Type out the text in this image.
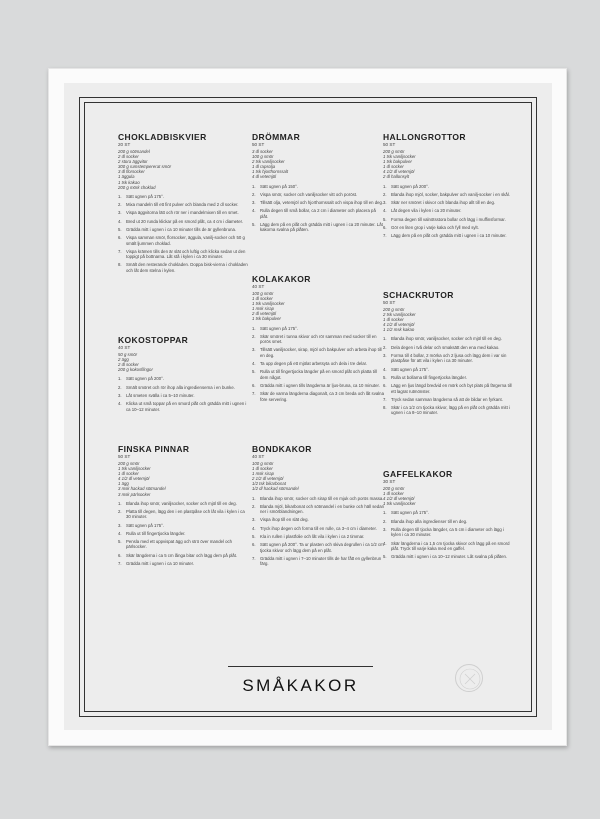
CHOKLADBISKVIER
20 ST
200 g sötmandel
2 dl socker
2 stora äggvitor
300 g rumstempererat smör
3 dl florsocker
1 äggula
1 tsk kakao
200 g mörk choklad
1. Sätt ugnen på 175°.
2. Mixa mandeln till ett fint pulver och blanda med 2 dl socker.
3. Vispa äggvitorna lätt och rör ner i mandelmixen till en smet.
4. Bred ut 20 runda klickar på en smord plåt, ca 4 cm i diameter.
5. Grädda mitt i ugnen i ca 10 minuter tills de är gyllenbruna.
6. Vispa samman smör, florsocker, äggula, vanilj-socker och 50 g smält ljummen choklad.
7. Vispa krämen tills den är slät och luftig och klicka sedan ut den toppigt på bottnarna. Låt stå i kylen i ca 30 minuter.
8. Smält den resterande chokladen. Doppa bisk-vierna i chokladen och låt dem stelna i kylen.
KOKOSTOPPAR
40 ST
50 g smör
2 ägg
2 dl socker
200 g kokosflingor
1. Sätt ugnen på 200°.
2. Smält smöret och rör ihop alla ingredienserna i en bunke.
3. Låt smeten svälla i ca 5–10 minuter.
4. Klicka ut små toppar på en smord plåt och grädda mitt i ugnen i ca 10–12 minuter.
FINSKA PINNAR
50 ST
200 g smör
1 tsk vaniljsocker
1 dl socker
4 1/2 dl vetemjöl
1 ägg
3 msk hackad sötmandel
3 msk pärlsocker
1. Blanda ihop smör, vaniljsocker, socker och mjöl till en deg.
2. Platta till degen, lägg den i en plastpåse och låt vila i kylen i ca 30 minuter.
3. Sätt ugnen på 175°.
4. Rulla ut till fingertjocka längder.
5. Pensla med ett uppvispat ägg och strö över mandel och pärlsocker.
6. Skär längderna i ca 5 cm långa bitar och lägg dem på plåt.
7. Grädda mitt i ugnen i ca 10 minuter.
DRÖMMAR
50 ST
3 dl socker
100 g smör
2 tsk vaniljsocker
1 dl rapsolja
1 tsk hjorthornssalt
4 dl vetemjöl
1. Sätt ugnen på 150°.
2. Vispa smör, socker och vaniljsocker vitt och poröst.
3. Tillsätt olja, vetemjöl och hjorthornssalt och vispa ihop till en deg.
4. Rulla degen till små bollar, ca 2 cm i diameter och placera på plåt.
5. Lägg dem på en plåt och grädda mitt i ugnen i ca 20 minuter. Låt kakorna svalna på plåten.
KOLAKAKOR
40 ST
100 g smör
1 dl socker
1 tsk vaniljsocker
1 msk sirap
2 dl vetemjöl
1 tsk bakpulver
1. Sätt ugnen på 175°.
2. Skär smöret i tunna skivor och rör samman med socker till en porös smet.
3. Tillsätt vaniljsocker, sirap, mjöl och bakpulver och arbeta ihop till en deg.
4. Ta upp degen på ett mjölat arbetsyta och dela i tre delar.
5. Rulla ut till fingertjocka längder på en smord plåt och platta till dem något.
6. Grädda mitt i ugnen tills längderna är ljus-bruna, ca 10 minuter.
7. Skär de varma längderna diagonalt, ca 3 cm breda och låt svalna före servering.
BONDKAKOR
40 ST
100 g smör
1 dl socker
1 msk sirap
2 1/2 dl vetemjöl
1/2 tsk bikarbonat
1/2 dl hackad sötmandel
1. Blanda ihop smör, socker och sirap till en mjuk och porös massa.
2. Blanda mjöl, bikarbonat och sötmandel i en bunke och häll sedan ner i smörblandningen.
3. Vispa ihop till en slät deg.
4. Tryck ihop degen och forma till en rulle, ca 3–4 cm i diameter.
5. Kla in rullen i plastfolie och låt vila i kylen i ca 2 timmar.
6. Sätt ugnen på 200°. Ta ur plasten och skiva degrullen i ca 1/2 cm tjocka skivor och lägg dem på en plåt.
7. Grädda mitt i ugnen i 7–10 minuter tills de har fått en gyllenbrun färg.
HALLONGROTTOR
50 ST
200 g smör
1 tsk vaniljsocker
1 tsk bakpulver
1 dl socker
4 1/2 dl vetemjöl
2 dl hallonsylt
1. Sätt ugnen på 200°.
2. Blanda ihop mjöl, socker, bakpulver och vanilj-socker i en skål.
3. Skär ner smöret i skivor och blanda ihop allt till en deg.
4. Låt degen vila i kylen i ca 20 minuter.
5. Forma degen till valnötsstora bollar och lägg i muffinsformar.
6. Gör en liten grop i varje kaka och fyll med sylt.
7. Lägg dem på en plåt och grädda mitt i ugnen i ca 10 minuter.
SCHACKRUTOR
50 ST
200 g smör
2 tsk vaniljsocker
1 dl socker
4 1/2 dl vetemjöl
1 1/2 msk kakao
1. Blanda ihop smör, vaniljsocker, socker och mjöl till en deg.
2. Dela degen i två delar och smaksätt den ena med kakao.
3. Forma till 4 bollar, 2 mörka och 2 ljusa och lägg dem i var sin plastpåse för att vila i kylen i ca 30 minuter.
4. Sätt ugnen på 175°.
5. Rulla ut bollarna till fingertjocka längder.
6. Lägg en ljus längd bredvid en mörk och byt plats på färgerna till ett lagrat rutmönster.
7. Tryck sedan samman längderna så att de bildar en fyrkant.
8. Skär i ca 1/2 cm tjocka skivor, lägg på en plåt och grädda mitt i ugnen i ca 8–10 minuter.
GAFFELKAKOR
30 ST
200 g smör
1 dl socker
4 1/2 dl vetemjöl
1 tsk vaniljsocker
1. Sätt ugnen på 175°.
2. Blanda ihop alla ingredienser till en deg.
3. Rulla degen till tjocka längder, ca 5 cm i diameter och lägg i kylen i ca 30 minuter.
4. Skär längderna i ca 1,5 cm tjocka skivor och lägg på en smord plåt. Tryck till varje kaka med en gaffel.
5. Grädda mitt i ugnen i ca 10–12 minuter. Låt svalna på plåten.
SMÅKAKOR
